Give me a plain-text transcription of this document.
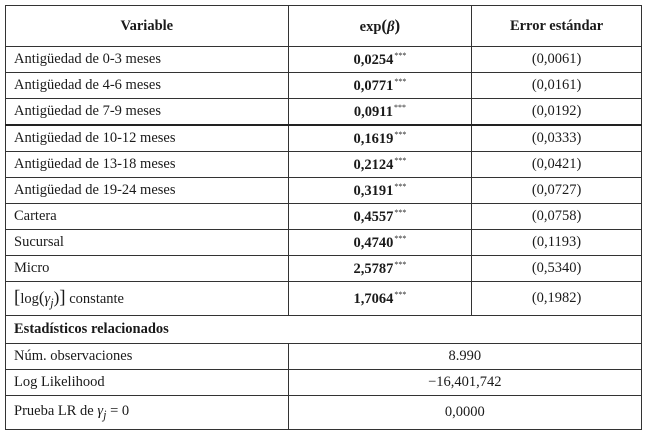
Variable	exp(β)	Error estándar
Antigüedad de 0-3 meses	0,0254***	(0,0061)
Antigüedad de 4-6 meses	0,0771***	(0,0161)
Antigüedad de 7-9 meses	0,0911***	(0,0192)
Antigüedad de 10-12 meses	0,1619***	(0,0333)
Antigüedad de 13-18 meses	0,2124***	(0,0421)
Antigüedad de 19-24 meses	0,3191***	(0,0727)
Cartera	0,4557***	(0,0758)
Sucursal	0,4740***	(0,1193)
Micro	2,5787***	(0,5340)
$[\log(\gamma_j)]$ constante	1,7064***	(0,1982)
Estadísticos relacionados		
Núm. observaciones	8.990	
Log Likelihood	−16,401,742	
Prueba LR de $\gamma_j = 0$	0,0000	
